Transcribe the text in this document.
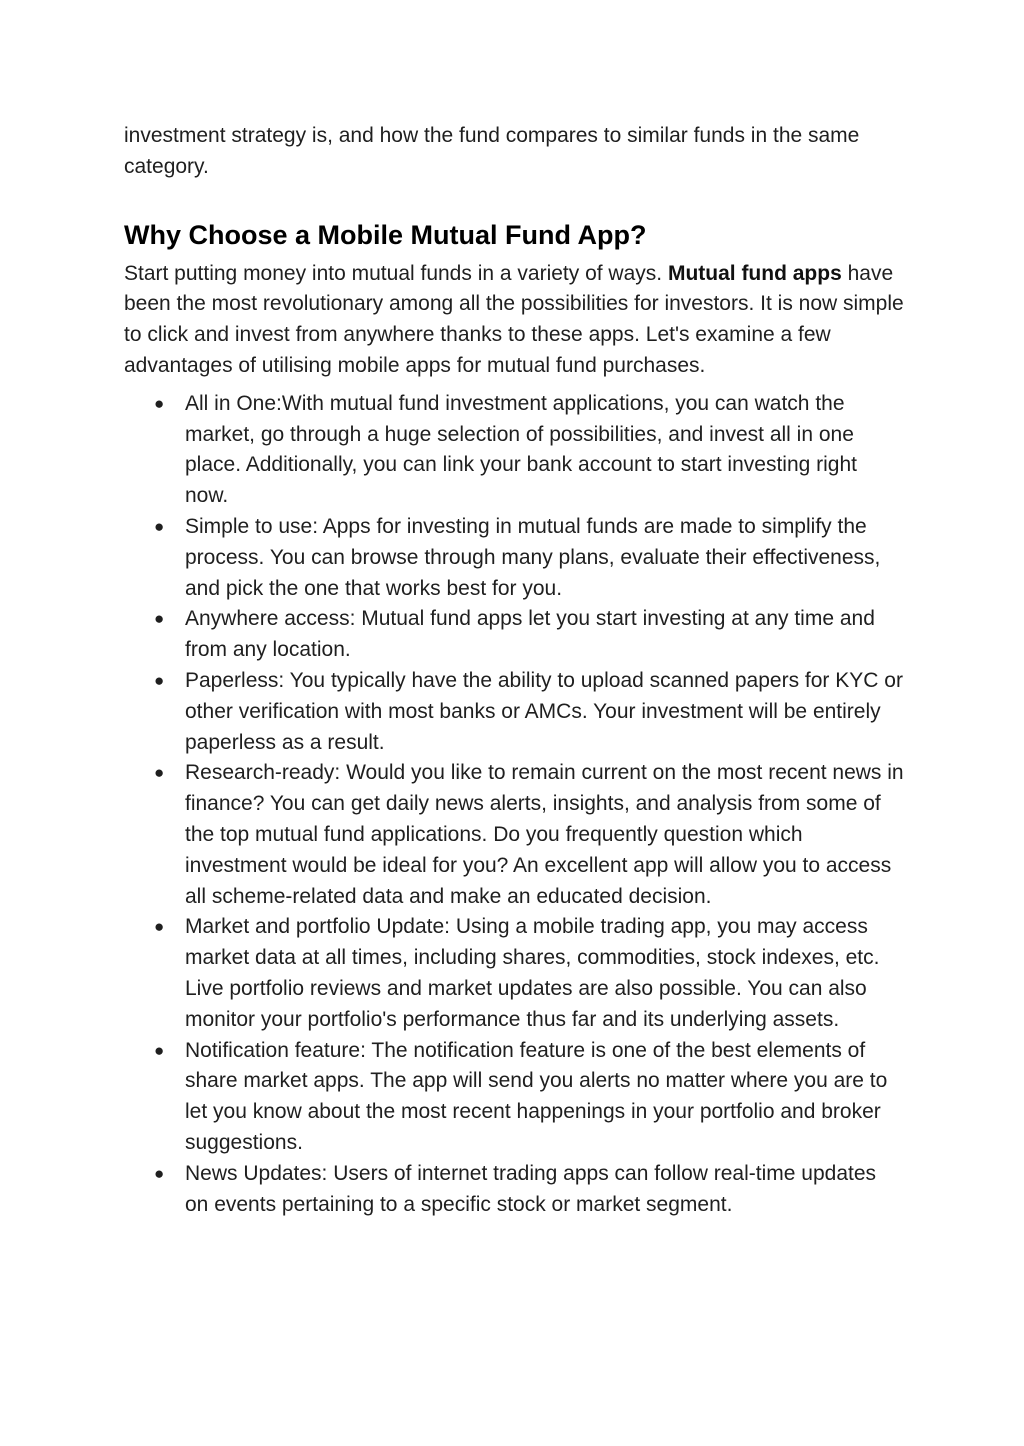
investment strategy is, and how the fund compares to similar funds in the same category.

Why Choose a Mobile Mutual Fund App?

Start putting money into mutual funds in a variety of ways. Mutual fund apps have been the most revolutionary among all the possibilities for investors. It is now simple to click and invest from anywhere thanks to these apps. Let's examine a few advantages of utilising mobile apps for mutual fund purchases.

● All in One:With mutual fund investment applications, you can watch the market, go through a huge selection of possibilities, and invest all in one place. Additionally, you can link your bank account to start investing right now.
● Simple to use: Apps for investing in mutual funds are made to simplify the process. You can browse through many plans, evaluate their effectiveness, and pick the one that works best for you.
● Anywhere access: Mutual fund apps let you start investing at any time and from any location.
● Paperless: You typically have the ability to upload scanned papers for KYC or other verification with most banks or AMCs. Your investment will be entirely paperless as a result.
● Research-ready: Would you like to remain current on the most recent news in finance? You can get daily news alerts, insights, and analysis from some of the top mutual fund applications. Do you frequently question which investment would be ideal for you? An excellent app will allow you to access all scheme-related data and make an educated decision.
● Market and portfolio Update: Using a mobile trading app, you may access market data at all times, including shares, commodities, stock indexes, etc. Live portfolio reviews and market updates are also possible. You can also monitor your portfolio's performance thus far and its underlying assets.
● Notification feature: The notification feature is one of the best elements of share market apps. The app will send you alerts no matter where you are to let you know about the most recent happenings in your portfolio and broker suggestions.
● News Updates: Users of internet trading apps can follow real-time updates on events pertaining to a specific stock or market segment.
